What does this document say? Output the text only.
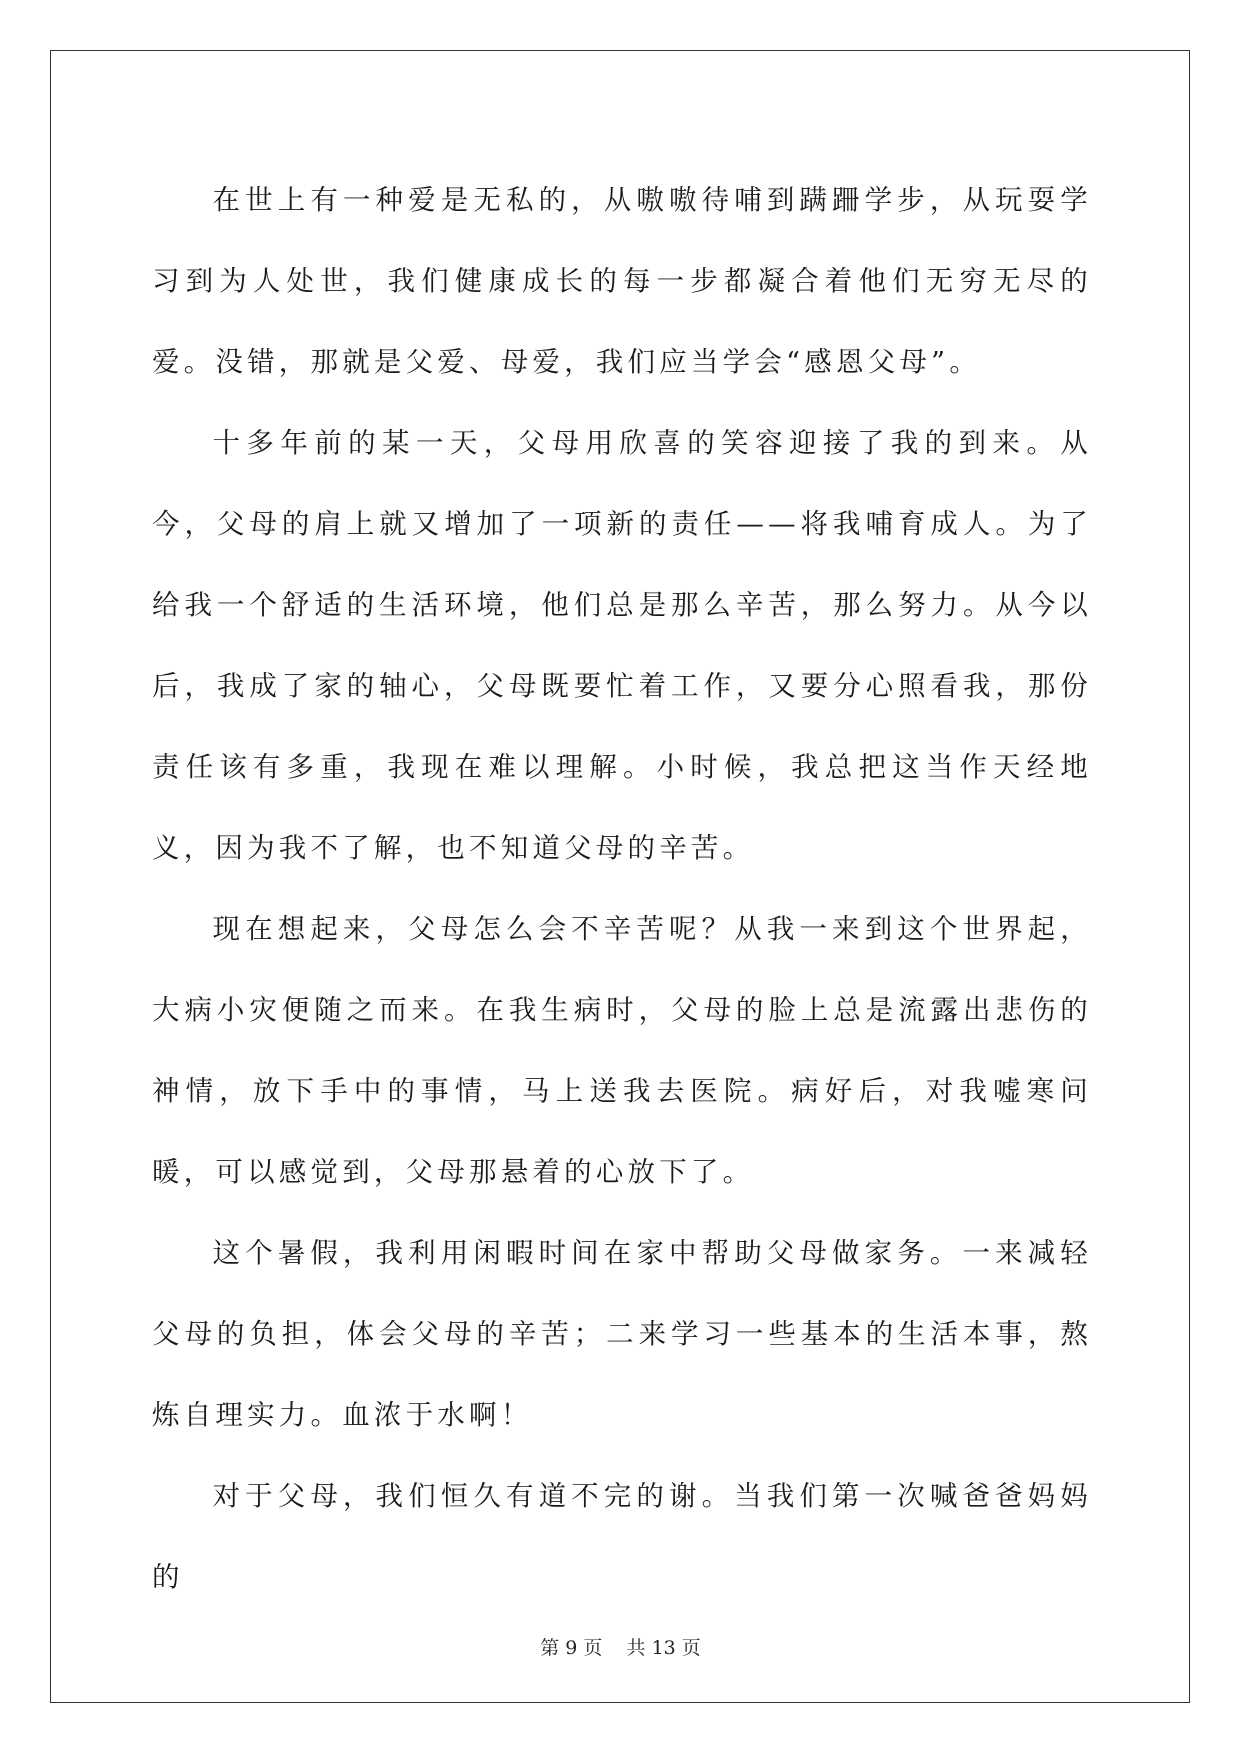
在世上有一种爱是无私的，从嗷嗷待哺到蹒跚学步，从玩耍学习到为人处世，我们健康成长的每一步都凝合着他们无穷无尽的爱。没错，那就是父爱、母爱，我们应当学会“感恩父母”。

十多年前的某一天，父母用欣喜的笑容迎接了我的到来。从今，父母的肩上就又增加了一项新的责任——将我哺育成人。为了给我一个舒适的生活环境，他们总是那么辛苦，那么努力。从今以后，我成了家的轴心，父母既要忙着工作，又要分心照看我，那份责任该有多重，我现在难以理解。小时候，我总把这当作天经地义，因为我不了解，也不知道父母的辛苦。

现在想起来，父母怎么会不辛苦呢？从我一来到这个世界起，大病小灾便随之而来。在我生病时，父母的脸上总是流露出悲伤的神情，放下手中的事情，马上送我去医院。病好后，对我嘘寒问暖，可以感觉到，父母那悬着的心放下了。

这个暑假，我利用闲暇时间在家中帮助父母做家务。一来减轻父母的负担，体会父母的辛苦；二来学习一些基本的生活本事，熬炼自理实力。血浓于水啊！

对于父母，我们恒久有道不完的谢。当我们第一次喊爸爸妈妈的

第 9 页 共 13 页
